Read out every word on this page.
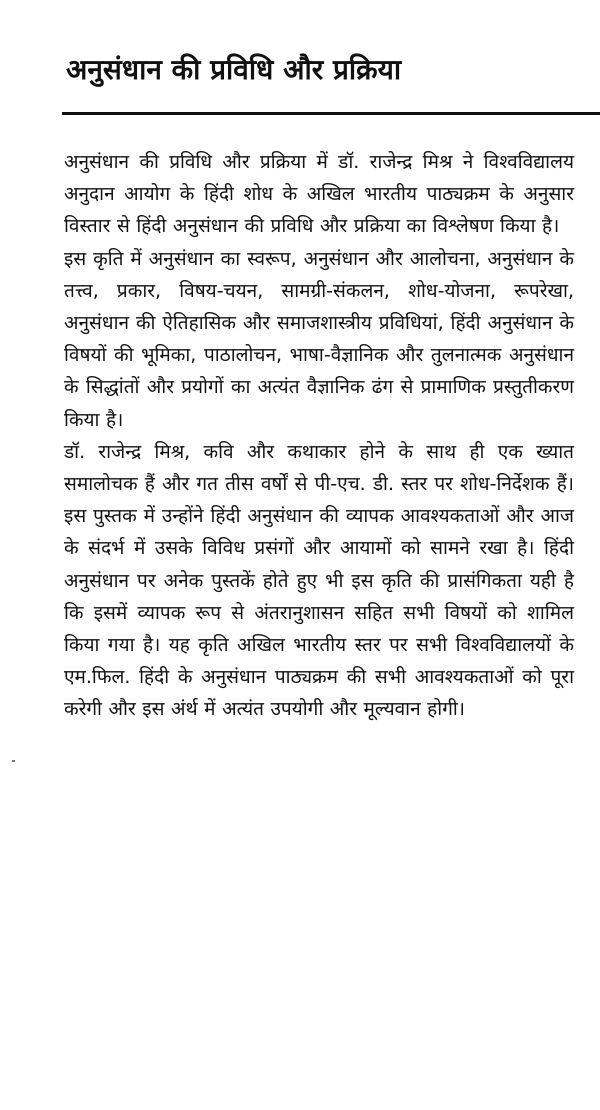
अनुसंधान की प्रविधि और प्रक्रिया

अनुसंधान की प्रविधि और प्रक्रिया में डॉ. राजेन्द्र मिश्र ने विश्वविद्यालय अनुदान आयोग के हिंदी शोध के अखिल भारतीय पाठ्यक्रम के अनुसार विस्तार से हिंदी अनुसंधान की प्रविधि और प्रक्रिया का विश्लेषण किया है।

इस कृति में अनुसंधान का स्वरूप, अनुसंधान और आलोचना, अनुसंधान के तत्त्व, प्रकार, विषय-चयन, सामग्री-संकलन, शोध-योजना, रूपरेखा, अनुसंधान की ऐतिहासिक और समाजशास्त्रीय प्रविधियां, हिंदी अनुसंधान के विषयों की भूमिका, पाठालोचन, भाषा-वैज्ञानिक और तुलनात्मक अनुसंधान के सिद्धांतों और प्रयोगों का अत्यंत वैज्ञानिक ढंग से प्रामाणिक प्रस्तुतीकरण किया है।

डॉ. राजेन्द्र मिश्र, कवि और कथाकार होने के साथ ही एक ख्यात समालोचक हैं और गत तीस वर्षों से पी-एच. डी. स्तर पर शोध-निर्देशक हैं। इस पुस्तक में उन्होंने हिंदी अनुसंधान की व्यापक आवश्यकताओं और आज के संदर्भ में उसके विविध प्रसंगों और आयामों को सामने रखा है। हिंदी अनुसंधान पर अनेक पुस्तकें होते हुए भी इस कृति की प्रासंगिकता यही है कि इसमें व्यापक रूप से अंतरानुशासन सहित सभी विषयों को शामिल किया गया है। यह कृति अखिल भारतीय स्तर पर सभी विश्वविद्यालयों के एम.फिल. हिंदी के अनुसंधान पाठ्यक्रम की सभी आवश्यकताओं को पूरा करेगी और इस अंर्थ में अत्यंत उपयोगी और मूल्यवान होगी।
